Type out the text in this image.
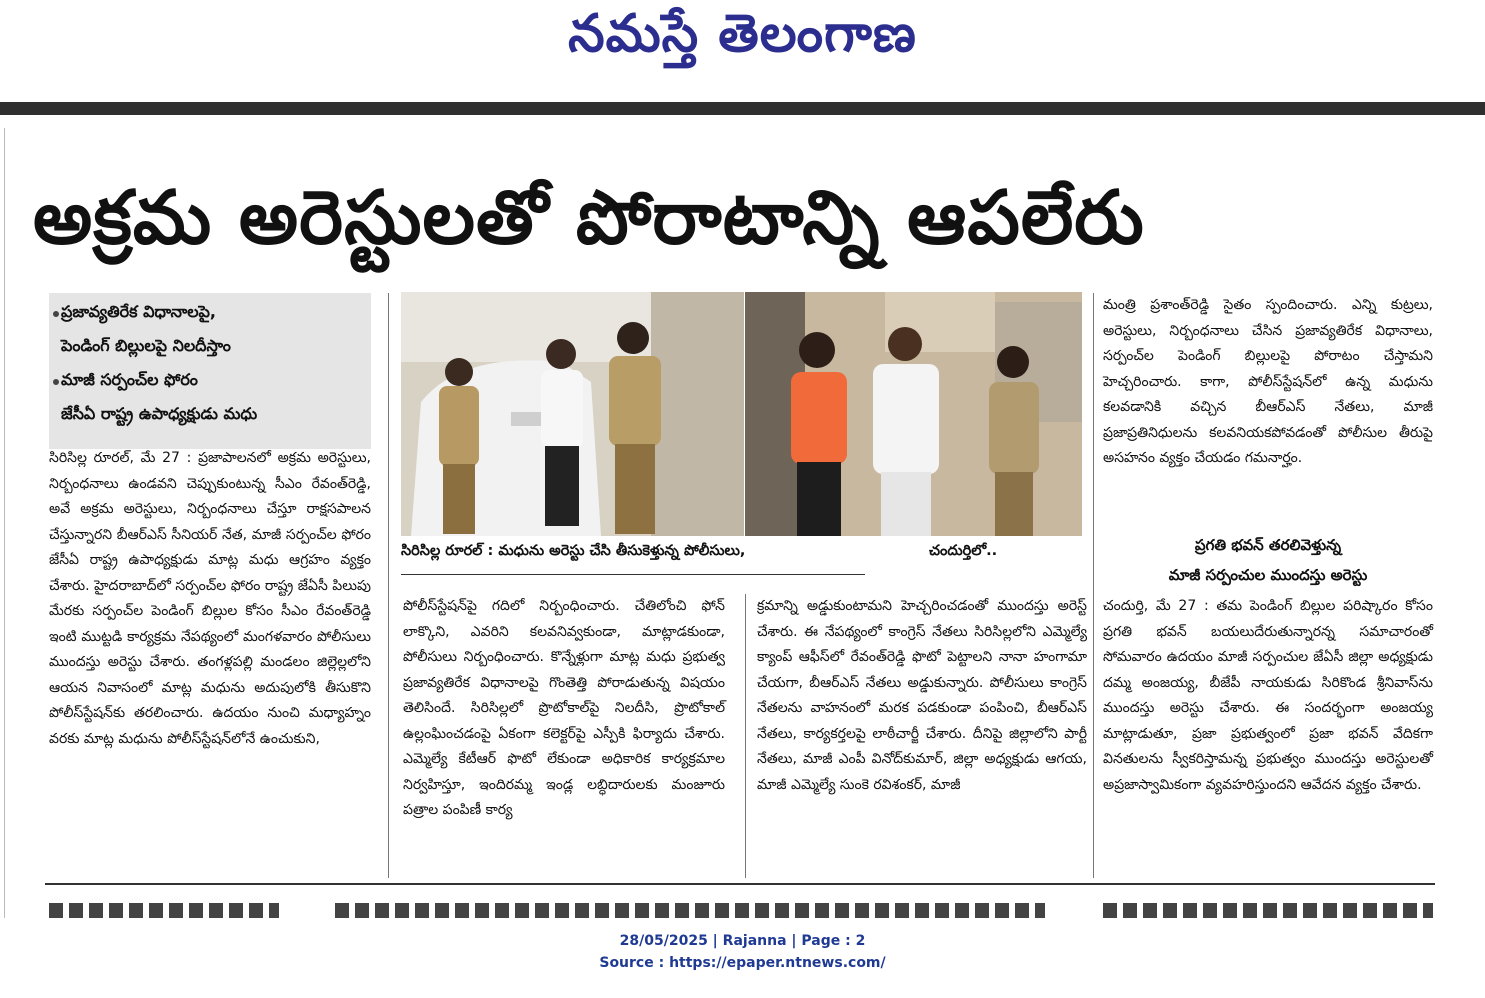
నమస్తే తెలంగాణ
అక్రమ అరెస్టులతో పోరాటాన్ని ఆపలేరు
ప్రజావ్యతిరేక విధానాలపై,
పెండింగ్ బిల్లులపై నిలదీస్తాం
మాజీ సర్పంచ్‌ల ఫోరం
జేసీఏ రాష్ట్ర ఉపాధ్యక్షుడు మధు
సిరిసిల్ల రూరల్ : మధును అరెస్టు చేసి తీసుకెళ్తున్న పోలీసులు,	చందుర్తిలో..

సిరిసిల్ల రూరల్, మే 27 : ప్రజాపాలనలో అక్రమ అరెస్టులు, నిర్బంధనాలు ఉండవని చెప్పుకుంటున్న సీఎం రేవంత్‌రెడ్డి, అవే అక్రమ అరెస్టులు, నిర్బంధనాలు చేస్తూ రాక్షసపాలన చేస్తున్నారని బీఆర్ఎస్ సీనియర్ నేత, మాజీ సర్పంచ్‌ల ఫోరం జేసీఏ రాష్ట్ర ఉపాధ్యక్షుడు మాట్ల మధు ఆగ్రహం వ్యక్తం చేశారు. హైదరాబాద్‌లో సర్పంచ్‌ల ఫోరం రాష్ట్ర జేఏసీ పిలుపు మేరకు సర్పంచ్‌ల పెండింగ్ బిల్లుల కోసం సీఎం రేవంత్‌రెడ్డి ఇంటి ముట్టడి కార్యక్రమ నేపథ్యంలో మంగళవారం పోలీసులు ముందస్తు అరెస్టు చేశారు. తంగళ్లపల్లి మండలం జిల్లెల్లలోని ఆయన నివాసంలో మాట్ల మధును అదుపులోకి తీసుకొని పోలీస్‌స్టేషన్‌కు తరలించారు. ఉదయం నుంచి మధ్యాహ్నం వరకు మాట్ల మధును పోలీస్‌స్టేషన్‌లోనే ఉంచుకుని,

పోలీస్‌స్టేషన్‌పై గదిలో నిర్బంధించారు. చేతిలోంచి ఫోన్ లాక్కొని, ఎవరిని కలవనివ్వకుండా, మాట్లాడకుండా, పోలీసులు నిర్బంధించారు. కొన్నేళ్లుగా మాట్ల మధు ప్రభుత్వ ప్రజావ్యతిరేక విధానాలపై గొంతెత్తి పోరాడుతున్న విషయం తెలిసిందే. సిరిసిల్లలో ప్రొటోకాల్‌పై నిలదీసి, ప్రొటోకాల్ ఉల్లంఘించడంపై ఏకంగా కలెక్టర్‌పై ఎస్పీకి ఫిర్యాదు చేశారు. ఎమ్మెల్యే కేటీఆర్ ఫొటో లేకుండా అధికారిక కార్యక్రమాల నిర్వహిస్తూ, ఇందిరమ్మ ఇండ్ల లబ్ధిదారులకు మంజూరు పత్రాల పంపిణీ కార్య

క్రమాన్ని అడ్డుకుంటామని హెచ్చరించడంతో ముందస్తు అరెస్ట్ చేశారు. ఈ నేపథ్యంలో కాంగ్రెస్ నేతలు సిరిసిల్లలోని ఎమ్మెల్యే క్యాంప్ ఆఫీస్‌లో రేవంత్‌రెడ్డి ఫొటో పెట్టాలని నానా హంగామా చేయగా, బీఆర్ఎస్ నేతలు అడ్డుకున్నారు. పోలీసులు కాంగ్రెస్ నేతలను వాహనంలో మరక పడకుండా పంపించి, బీఆర్ఎస్ నేతలు, కార్యకర్తలపై లాఠీచార్జీ చేశారు. దీనిపై జిల్లాలోని పార్టీ నేతలు, మాజీ ఎంపీ వినోద్‌కుమార్, జిల్లా అధ్యక్షుడు ఆగయ, మాజీ ఎమ్మెల్యే సుంకె రవిశంకర్, మాజీ

మంత్రి ప్రశాంత్‌రెడ్డి సైతం స్పందించారు. ఎన్ని కుట్రలు, అరెస్టులు, నిర్బంధనాలు చేసిన ప్రజావ్యతిరేక విధానాలు, సర్పంచ్‌ల పెండింగ్ బిల్లులపై పోరాటం చేస్తామని హెచ్చరించారు. కాగా, పోలీస్‌స్టేషన్‌లో ఉన్న మధును కలవడానికి వచ్చిన బీఆర్ఎస్ నేతలు, మాజీ ప్రజాప్రతినిధులను కలవనియకపోవడంతో పోలీసుల తీరుపై అసహనం వ్యక్తం చేయడం గమనార్హం.

ప్రగతి భవన్ తరలివెళ్తున్న
మాజీ సర్పంచుల ముందస్తు అరెస్టు

చందుర్తి, మే 27 : తమ పెండింగ్ బిల్లుల పరిష్కారం కోసం ప్రగతి భవన్ బయలుదేరుతున్నారన్న సమాచారంతో సోమవారం ఉదయం మాజీ సర్పంచుల జేఏసీ జిల్లా అధ్యక్షుడు దమ్మ అంజయ్య, బీజేపీ నాయకుడు సిరికొండ శ్రీనివాస్‌ను ముందస్తు అరెస్టు చేశారు. ఈ సందర్భంగా అంజయ్య మాట్లాడుతూ, ప్రజా ప్రభుత్వంలో ప్రజా భవన్ వేదికగా వినతులను స్వీకరిస్తామన్న ప్రభుత్వం ముందస్తు అరెస్టులతో అప్రజాస్వామికంగా వ్యవహరిస్తుందని ఆవేదన వ్యక్తం చేశారు.

28/05/2025 | Rajanna | Page : 2
Source : https://epaper.ntnews.com/
